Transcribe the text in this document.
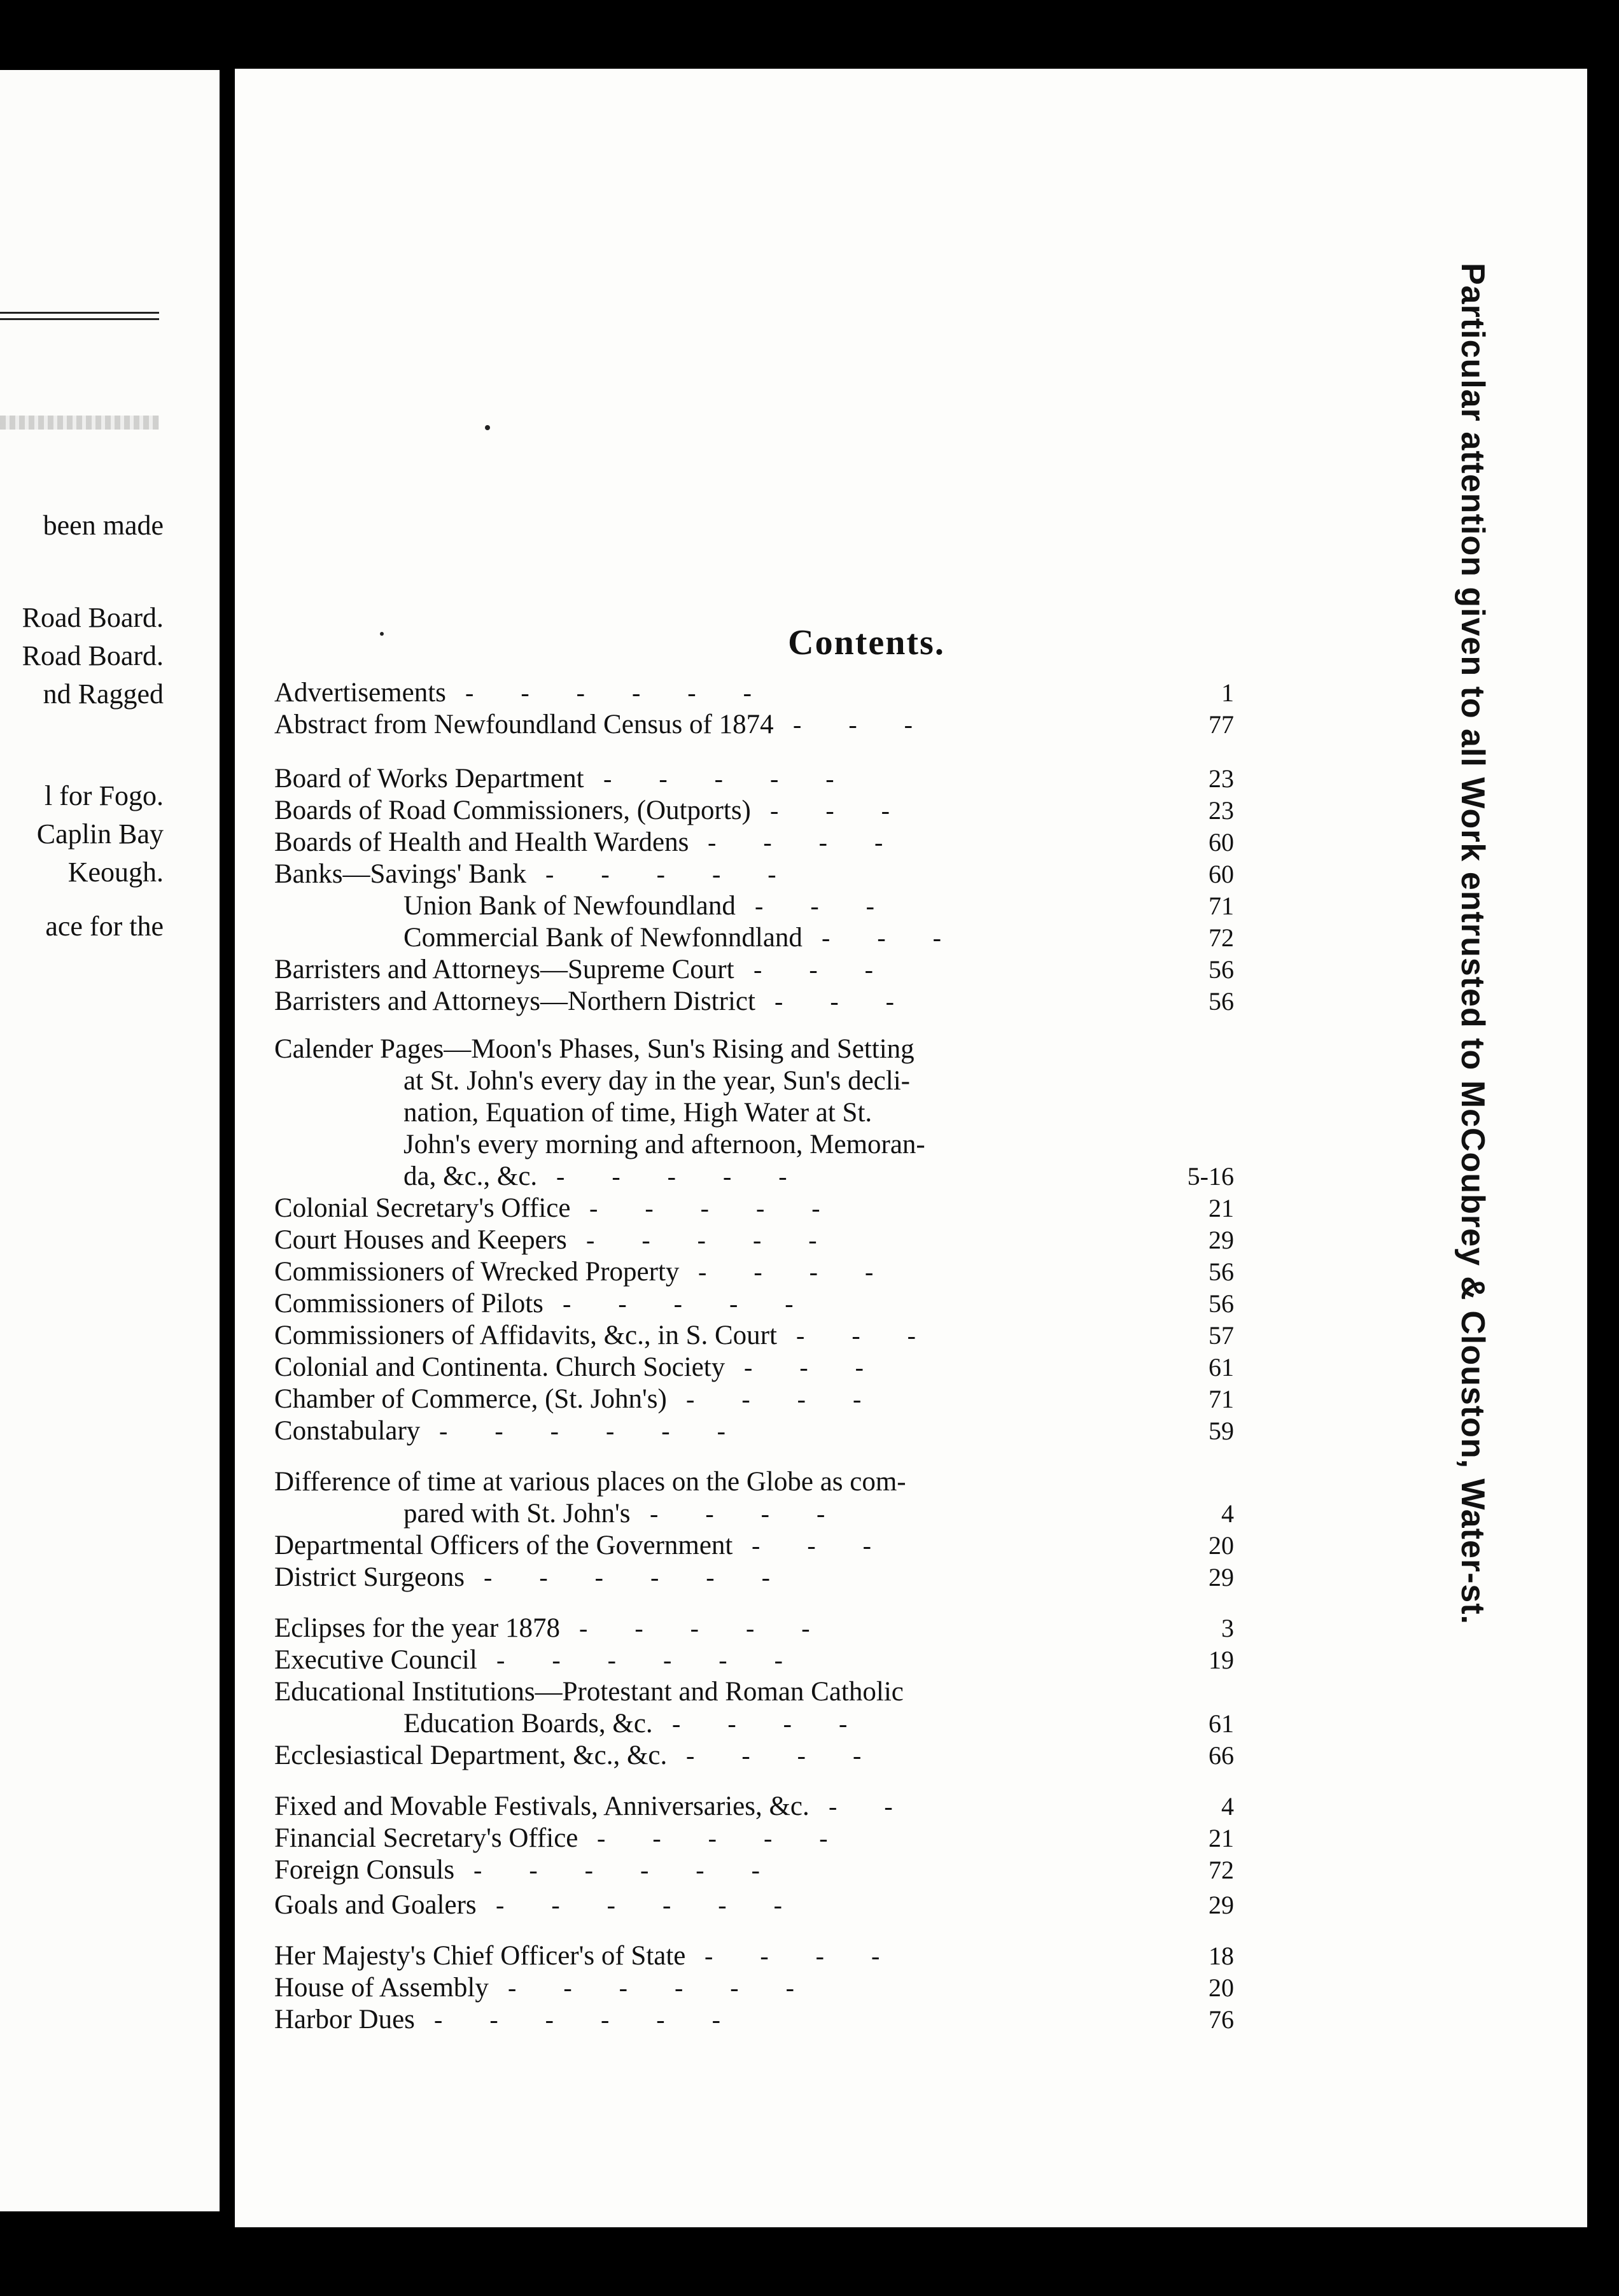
been made
Road Board.
Road Board.
nd Ragged
l for Fogo.
Caplin Bay
Keough.
ace for the
Contents.
Advertisements -      -      -      -      -      -	1
Abstract from Newfoundland Census of 1874 -      -      -	77
Board of Works Department -      -      -      -      -	23
Boards of Road Commissioners, (Outports) -      -      -	23
Boards of Health and Health Wardens -      -      -      -	60
Banks—Savings' Bank -      -      -      -      -	60
Union Bank of Newfoundland -      -      -	71
Commercial Bank of Newfonndland -      -      -	72
Barristers and Attorneys—Supreme Court -      -      -	56
Barristers and Attorneys—Northern District -      -      -	56
Calender Pages—Moon's Phases, Sun's Rising and Setting
at St. John's every day in the year, Sun's decli-
nation, Equation of time, High Water at St.
John's every morning and afternoon, Memoran-
da, &c., &c. -      -      -      -      -	5-16
Colonial Secretary's Office -      -      -      -      -	21
Court Houses and Keepers -      -      -      -      -	29
Commissioners of Wrecked Property -      -      -      -	56
Commissioners of Pilots -      -      -      -      -	56
Commissioners of Affidavits, &c., in S. Court -      -      -	57
Colonial and Continenta. Church Society -      -      -	61
Chamber of Commerce, (St. John's) -      -      -      -	71
Constabulary -      -      -      -      -      -	59
Difference of time at various places on the Globe as com-
pared with St. John's -      -      -      -	4
Departmental Officers of the Government -      -      -	20
District Surgeons -      -      -      -      -      -	29
Eclipses for the year 1878 -      -      -      -      -	3
Executive Council -      -      -      -      -      -	19
Educational Institutions—Protestant and Roman Catholic
Education Boards, &c. -      -      -      -	61
Ecclesiastical Department, &c., &c. -      -      -      -	66
Fixed and Movable Festivals, Anniversaries, &c. -      -	4
Financial Secretary's Office -      -      -      -      -	21
Foreign Consuls -      -      -      -      -      -	72
Goals and Goalers -      -      -      -      -      -	29
Her Majesty's Chief Officer's of State -      -      -      -	18
House of Assembly -      -      -      -      -      -	20
Harbor Dues -      -      -      -      -      -	76
Particular attention given to all Work entrusted to McCoubrey & Clouston, Water-st.
